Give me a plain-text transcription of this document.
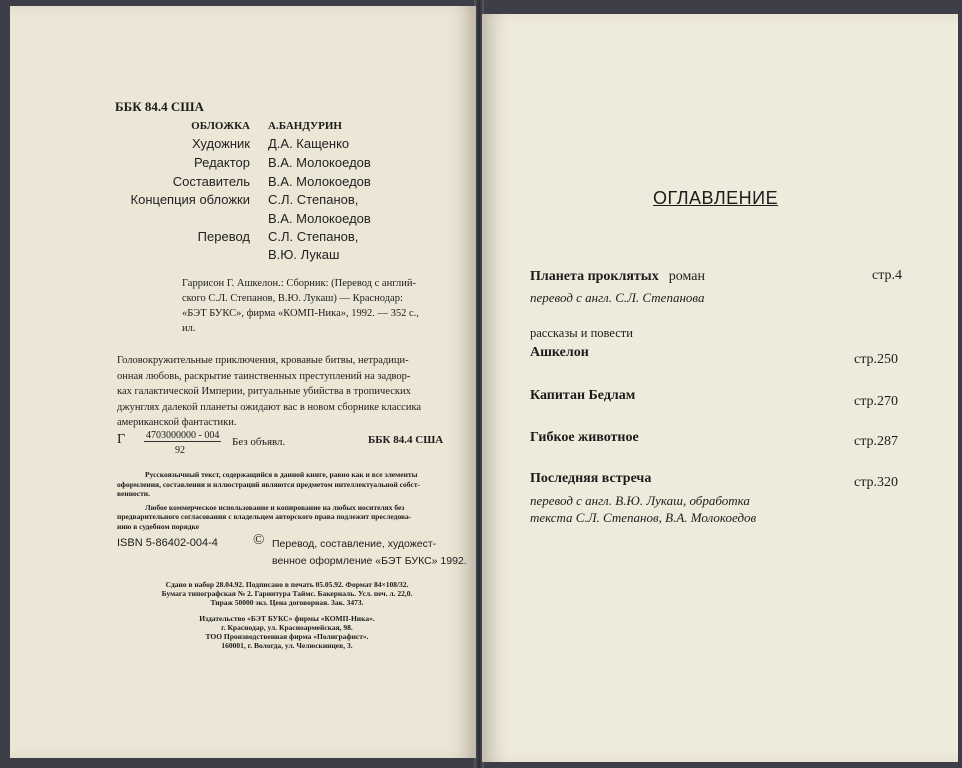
ББК 84.4 США
ОБЛОЖКА А.БАНДУРИН
Художник Д.А. Кащенко
Редактор В.А. Молокоедов
Составитель В.А. Молокоедов
Концепция обложки С.Л. Степанов,
В.А. Молокоедов
Перевод С.Л. Степанов,
В.Ю. Лукаш
Гаррисон Г. Ашкелон.: Сборник: (Перевод с англий-
ского С.Л. Степанов, В.Ю. Лукаш) — Краснодар:
«БЭТ БУКС», фирма «КОМП-Ника», 1992. — 352 с.,
ил.
Головокружительные приключения, кровавые битвы, нетрадици-
онная любовь, раскрытие таинственных преступлений на задвор-
ках галактической Империи, ритуальные убийства в тропических
джунглях далекой планеты ожидают вас в новом сборнике классика
американской фантастики.
Г 4703000000 - 004
92
Без объявл.	ББК 84.4 США
Русскоязычный текст, содержащийся в данной книге, равно как и все элементы
оформления, составления и иллюстраций являются предметом интеллектуальной собст-
венности.
Любое коммерческое использование и копирование на любых носителях без
предварительного согласования с владельцем авторского права подлежит преследова-
нию в судебном порядке
ISBN 5-86402-004-4 © Перевод, составление, художест-
венное оформление «БЭТ БУКС» 1992.
Сдано в набор 28.04.92. Подписано в печать 05.05.92. Формат 84×108/32.
Бумага типографская № 2. Гарнитура Таймс. Бакерналь. Усл. печ. л. 22,0.
Тираж 50000 экз. Цена договорная. Зак. 3473.
Издательство «БЭТ БУКС» фирмы «КОМП-Ника».
г. Краснодар, ул. Красноармейская, 98.
ТОО Производственная фирма «Полиграфист».
160001, г. Вологда, ул. Челюскинцев, 3.
ОГЛАВЛЕНИЕ
Планета проклятых роман	стр.4
перевод с англ. С.Л. Степанова
рассказы и повести
Ашкелон	стр.250
Капитан Бедлам	стр.270
Гибкое животное	стр.287
Последняя встреча	стр.320
перевод с англ. В.Ю. Лукаш, обработка
текста С.Л. Степанов, В.А. Молокоедов
